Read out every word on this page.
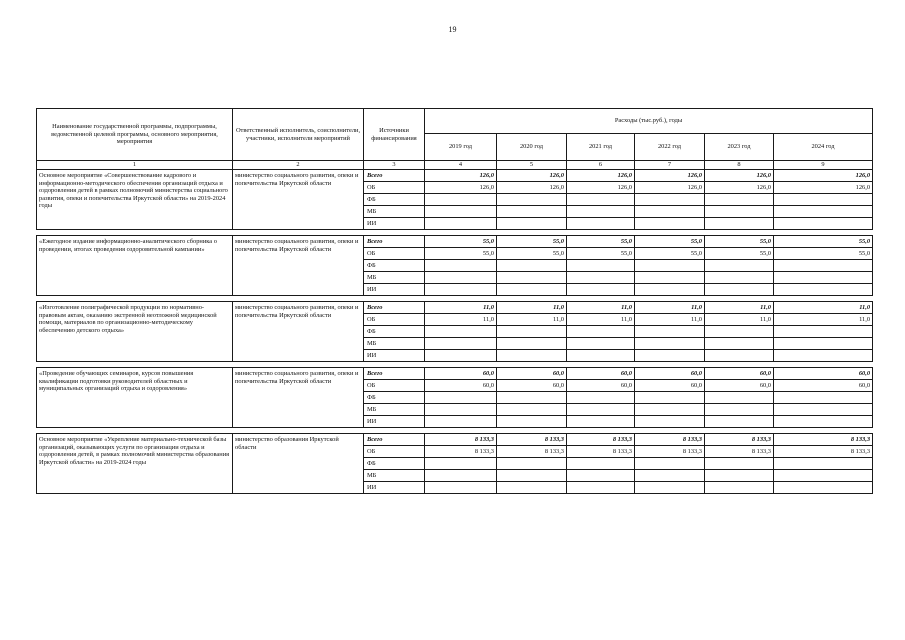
19
Наименование государственной программы, подпрограммы, ведомственной целевой программы, основного мероприятия, мероприятия	Ответственный исполнитель, соисполнители, участники, исполнители мероприятий	Источники финансирования	Расходы (тыс.руб.), годы					
			2019 год	2020 год	2021 год	2022 год	2023 год	2024 год
1	2	3	4	5	6	7	8	9
Основное мероприятие «Совершенствование кадрового и информационно-методического обеспечения организаций отдыха и оздоровления детей в рамках полномочий министерства социального развития, опеки и попечительства Иркутской области» на 2019-2024 годы	министерство социального развития, опеки и попечительства Иркутской области	Всего	126,0	126,0	126,0	126,0	126,0	126,0
		ОБ	126,0	126,0	126,0	126,0	126,0	126,0
		ФБ						
		МБ						
		ИИ						

«Ежегодное издание информационно-аналитического сборника о проведении, итогах проведения оздоровительной кампании»	министерство социального развития, опеки и попечительства Иркутской области	Всего	55,0	55,0	55,0	55,0	55,0	55,0
		ОБ	55,0	55,0	55,0	55,0	55,0	55,0
		ФБ						
		МБ						
		ИИ						

«Изготовление полиграфической продукции по нормативно-правовым актам, оказанию экстренной неотложной медицинской помощи, материалов по организационно-методическому обеспечению детского отдыха»	министерство социального развития, опеки и попечительства Иркутской области	Всего	11,0	11,0	11,0	11,0	11,0	11,0
		ОБ	11,0	11,0	11,0	11,0	11,0	11,0
		ФБ						
		МБ						
		ИИ						

«Проведение обучающих семинаров, курсов повышения квалификации подготовки руководителей областных и муниципальных организаций отдыха и оздоровления»	министерство социального развития, опеки и попечительства Иркутской области	Всего	60,0	60,0	60,0	60,0	60,0	60,0
		ОБ	60,0	60,0	60,0	60,0	60,0	60,0
		ФБ						
		МБ						
		ИИ						

Основное мероприятие «Укрепление материально-технической базы организаций, оказывающих услуги по организации отдыха и оздоровления детей, в рамках полномочий министерства образования Иркутской области» на 2019-2024 годы	министерство образования Иркутской области	Всего	8 133,3	8 133,3	8 133,3	8 133,3	8 133,3	8 133,3
		ОБ	8 133,3	8 133,3	8 133,3	8 133,3	8 133,3	8 133,3
		ФБ						
		МБ						
		ИИ						
